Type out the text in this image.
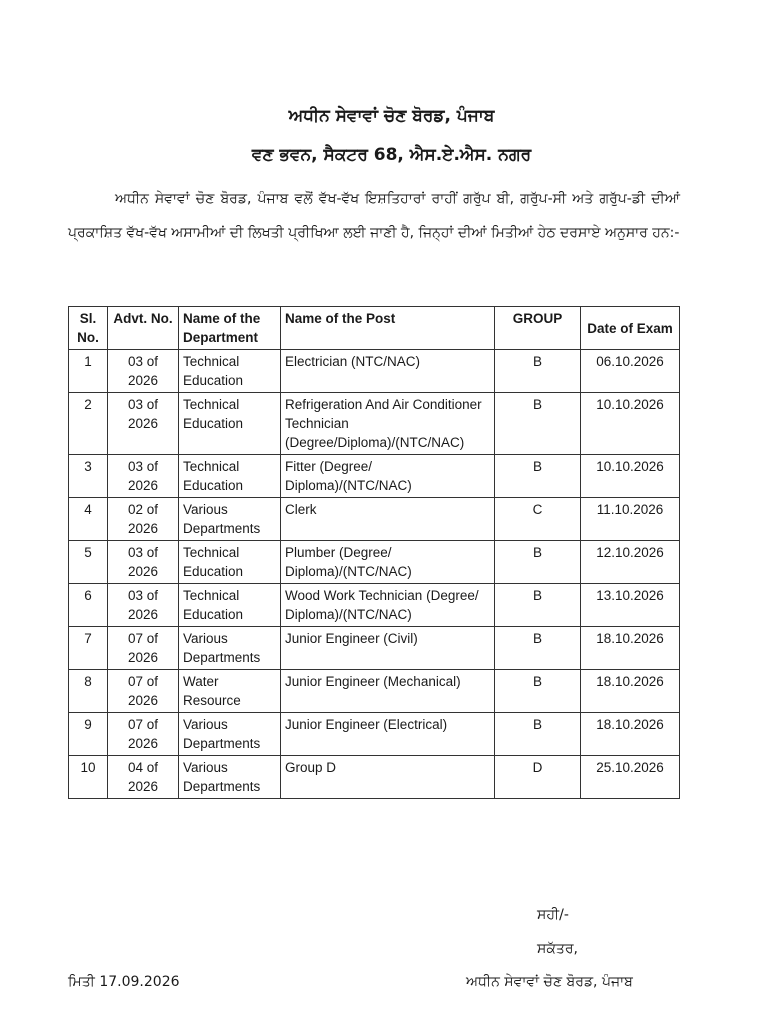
ਅਧੀਨ ਸੇਵਾਵਾਂ ਚੋਣ ਬੋਰਡ, ਪੰਜਾਬ
ਵਣ ਭਵਨ, ਸੈਕਟਰ 68, ਐਸ.ਏ.ਐਸ. ਨਗਰ
ਅਧੀਨ ਸੇਵਾਵਾਂ ਚੋਣ ਬੋਰਡ, ਪੰਜਾਬ ਵਲੋਂ ਵੱਖ-ਵੱਖ ਇਸ਼ਤਿਹਾਰਾਂ ਰਾਹੀਂ ਗਰੁੱਪ ਬੀ, ਗਰੁੱਪ-ਸੀ ਅਤੇ ਗਰੁੱਪ-ਡੀ ਦੀਆਂ ਪ੍ਰਕਾਸ਼ਿਤ ਵੱਖ-ਵੱਖ ਅਸਾਮੀਆਂ ਦੀ ਲਿਖਤੀ ਪ੍ਰੀਖਿਆ ਲਈ ਜਾਣੀ ਹੈ, ਜਿਨ੍ਹਾਂ ਦੀਆਂ ਮਿਤੀਆਂ ਹੇਠ ਦਰਸਾਏ ਅਨੁਸਾਰ ਹਨ:-
Sl. No.	Advt. No.	Name of the Department	Name of the Post	GROUP	Date of Exam
1	03 of 2026	Technical Education	Electrician (NTC/NAC)	B	06.10.2026
2	03 of 2026	Technical Education	Refrigeration And Air Conditioner Technician (Degree/Diploma)/(NTC/NAC)	B	10.10.2026
3	03 of 2026	Technical Education	Fitter (Degree/ Diploma)/(NTC/NAC)	B	10.10.2026
4	02 of 2026	Various Departments	Clerk	C	11.10.2026
5	03 of 2026	Technical Education	Plumber (Degree/ Diploma)/(NTC/NAC)	B	12.10.2026
6	03 of 2026	Technical Education	Wood Work Technician (Degree/ Diploma)/(NTC/NAC)	B	13.10.2026
7	07 of 2026	Various Departments	Junior Engineer (Civil)	B	18.10.2026
8	07 of 2026	Water Resource	Junior Engineer (Mechanical)	B	18.10.2026
9	07 of 2026	Various Departments	Junior Engineer (Electrical)	B	18.10.2026
10	04 of 2026	Various Departments	Group D	D	25.10.2026
ਸਹੀ/-
ਸਕੱਤਰ,
ਅਧੀਨ ਸੇਵਾਵਾਂ ਚੋਣ ਬੋਰਡ, ਪੰਜਾਬ
ਮਿਤੀ 17.09.2026
